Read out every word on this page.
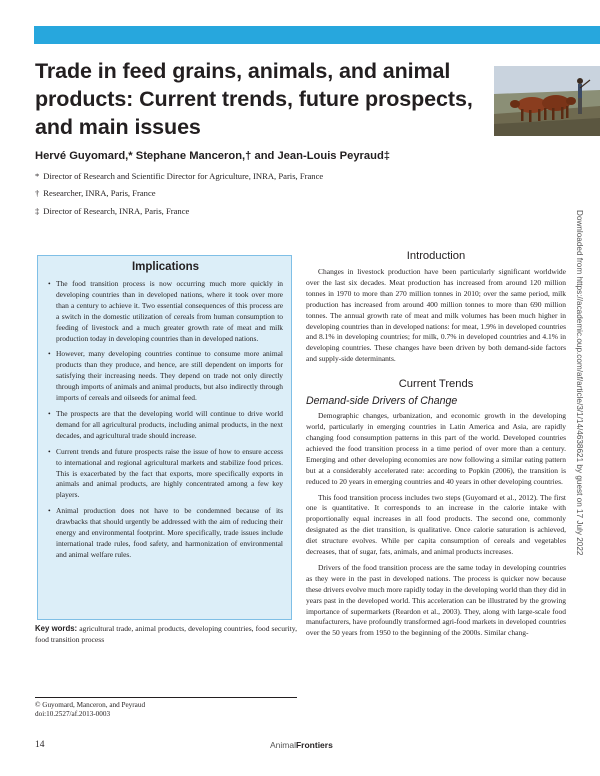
Trade in feed grains, animals, and animal products: Current trends, future prospects, and main issues
Hervé Guyomard,* Stephane Manceron,† and Jean-Louis Peyraud‡
* Director of Research and Scientific Director for Agriculture, INRA, Paris, France
† Researcher, INRA, Paris, France
‡ Director of Research, INRA, Paris, France	Downloaded from https://academic.oup.com/af/article/3/1/14/4638621 by guest on 17 July 2022
Implications
• The food transition process is now occurring much more quickly in developing countries than in developed nations, where it took over more than a century to achieve it. Two essential consequences of this process are a switch in the domestic utilization of cereals from human consumption to feeding of livestock and a much greater growth rate of meat and milk production today in developing countries than in developed nations.
• However, many developing countries continue to consume more animal products than they produce, and hence, are still dependent on imports for satisfying their increasing needs. They depend on trade not only directly through imports of animals and animal products, but also indirectly through imports of cereals and oilseeds for animal feed.
• The prospects are that the developing world will continue to drive world demand for all agricultural products, including animal products, in the next decades, and agricultural trade should increase.
• Current trends and future prospects raise the issue of how to ensure access to international and regional agricultural markets and stabilize food prices. This is exacerbated by the fact that exports, more specifically exports in animals and animal products, are highly concentrated among a few key players.
• Animal production does not have to be condemned because of its drawbacks that should urgently be addressed with the aim of reducing their energy and environmental footprint. More specifically, trade issues include international trade rules, food safety, and harmonization of environmental and animal welfare rules.
Key words: agricultural trade, animal products, developing countries, food security, food transition process
© Guyomard, Manceron, and Peyraud
doi:10.2527/af.2013-0003
Introduction

Changes in livestock production have been particularly significant worldwide over the last six decades. Meat production has increased from around 120 million tonnes in 1970 to more than 270 million tonnes in 2010; over the same period, milk production has increased from around 400 million tonnes to more than 690 million tonnes. The annual growth rate of meat and milk volumes has been much higher in developing countries than in developed nations: for meat, 1.9% in developed countries and 8.1% in developing countries; for milk, 0.7% in developed countries and 4.1% in developing countries. These changes have been driven by both demand-side factors and supply-side determinants.

Current Trends
Demand-side Drivers of Change

Demographic changes, urbanization, and economic growth in the developing world, particularly in emerging countries in Latin America and Asia, are rapidly changing food consumption patterns in this part of the world. Developed countries achieved the food transition process in a time period of over more than a century. Emerging and other developing economies are now following a similar eating pattern but at a considerably accelerated rate: according to Popkin (2006), the transition is reduced to 20 years in emerging countries and 40 years in other developing countries.

This food transition process includes two steps (Guyomard et al., 2012). The first one is quantitative. It corresponds to an increase in the calorie intake with proportionally equal increases in all food products. The second one, commonly designated as the diet transition, is qualitative. Once calorie saturation is achieved, diet structure evolves. While per capita consumption of cereals and vegetables decreases, that of sugar, fats, animals, and animal products increases.

Drivers of the food transition process are the same today in developing countries as they were in the past in developed nations. The process is quicker now because these drivers evolve much more rapidly today in the developing world than they did in years past in the developed world. This acceleration can be illustrated by the growing importance of supermarkets (Reardon et al., 2003). They, along with large-scale food manufacturers, have profoundly transformed agri-food markets in developed countries over the 50 years from 1950 to the beginning of the 2000s. Similar chang-

14	AnimalFrontiers
